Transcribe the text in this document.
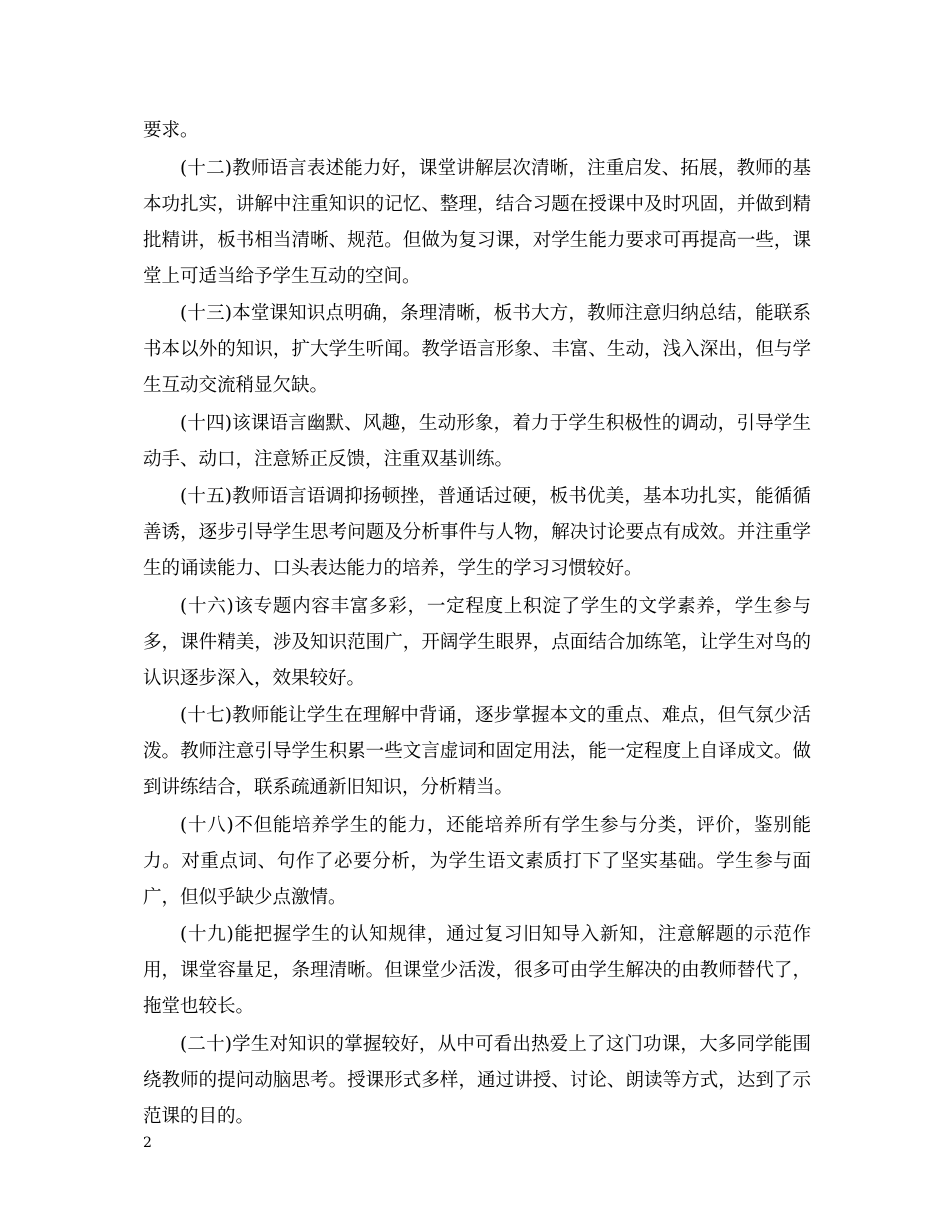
要求。

(十二)教师语言表述能力好，课堂讲解层次清晰，注重启发、拓展，教师的基本功扎实，讲解中注重知识的记忆、整理，结合习题在授课中及时巩固，并做到精批精讲，板书相当清晰、规范。但做为复习课，对学生能力要求可再提高一些，课堂上可适当给予学生互动的空间。

(十三)本堂课知识点明确，条理清晰，板书大方，教师注意归纳总结，能联系书本以外的知识，扩大学生听闻。教学语言形象、丰富、生动，浅入深出，但与学生互动交流稍显欠缺。

(十四)该课语言幽默、风趣，生动形象，着力于学生积极性的调动，引导学生动手、动口，注意矫正反馈，注重双基训练。

(十五)教师语言语调抑扬顿挫，普通话过硬，板书优美，基本功扎实，能循循善诱，逐步引导学生思考问题及分析事件与人物，解决讨论要点有成效。并注重学生的诵读能力、口头表达能力的培养，学生的学习习惯较好。

(十六)该专题内容丰富多彩，一定程度上积淀了学生的文学素养，学生参与多，课件精美，涉及知识范围广，开阔学生眼界，点面结合加练笔，让学生对鸟的认识逐步深入，效果较好。

(十七)教师能让学生在理解中背诵，逐步掌握本文的重点、难点，但气氛少活泼。教师注意引导学生积累一些文言虚词和固定用法，能一定程度上自译成文。做到讲练结合，联系疏通新旧知识，分析精当。

(十八)不但能培养学生的能力，还能培养所有学生参与分类，评价，鉴别能力。对重点词、句作了必要分析，为学生语文素质打下了坚实基础。学生参与面广，但似乎缺少点激情。

(十九)能把握学生的认知规律，通过复习旧知导入新知，注意解题的示范作用，课堂容量足，条理清晰。但课堂少活泼，很多可由学生解决的由教师替代了，拖堂也较长。

(二十)学生对知识的掌握较好，从中可看出热爱上了这门功课，大多同学能围绕教师的提问动脑思考。授课形式多样，通过讲授、讨论、朗读等方式，达到了示范课的目的。

2
